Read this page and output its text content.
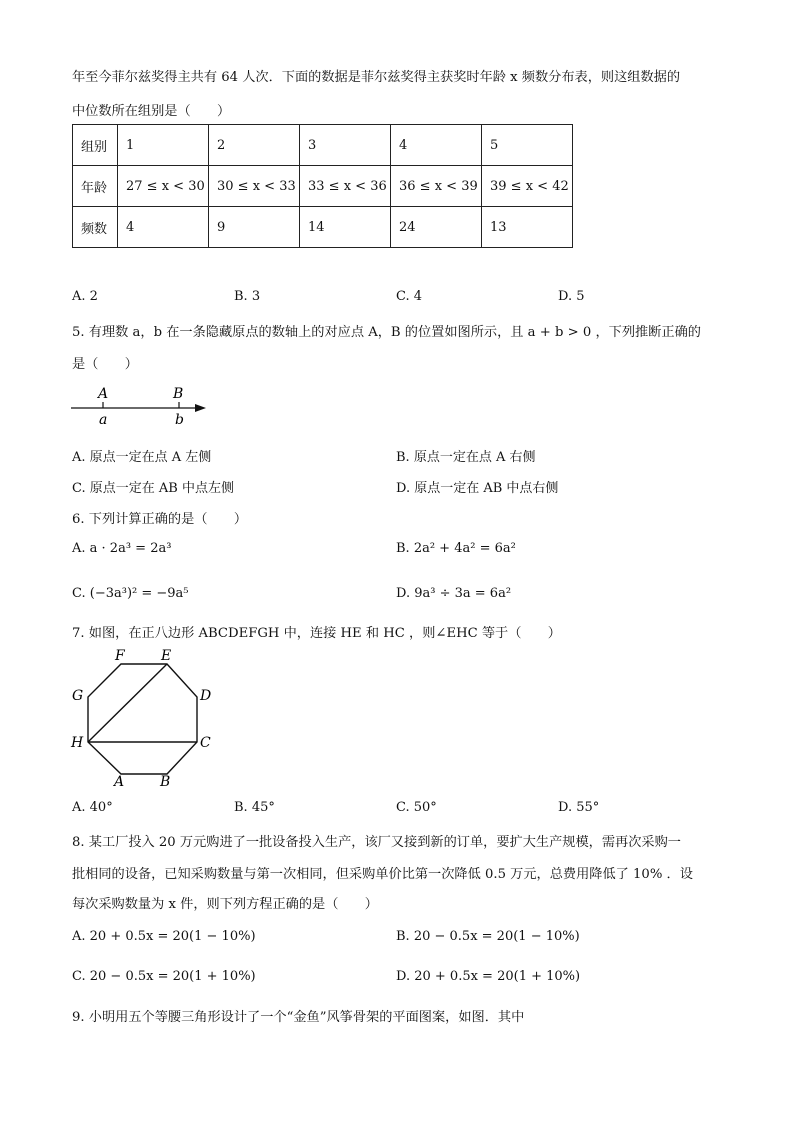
年至今菲尔兹奖得主共有 64 人次．下面的数据是菲尔兹奖得主获奖时年龄 x 频数分布表，则这组数据的
中位数所在组别是（　　）
组别	1	2	3	4	5
年龄	27 ≤ x < 30	30 ≤ x < 33	33 ≤ x < 36	36 ≤ x < 39	39 ≤ x < 42
频数	4	9	14	24	13
A. 2	B. 3	C. 4	D. 5
5. 有理数 a，b 在一条隐藏原点的数轴上的对应点 A，B 的位置如图所示，且 a + b > 0 ，下列推断正确的
是（　　）
A	B
a	b
A. 原点一定在点 A 左侧	B. 原点一定在点 A 右侧
C. 原点一定在 AB 中点左侧	D. 原点一定在 AB 中点右侧
6. 下列计算正确的是（　　）
A. a · 2a³ = 2a³	B. 2a² + 4a² = 6a²
C. (−3a³)² = −9a⁵	D. 9a³ ÷ 3a = 6a²
7. 如图，在正八边形 ABCDEFGH 中，连接 HE 和 HC ，则∠EHC 等于（　　）
A	B
C
D
E
F
G
H
A. 40°	B. 45°	C. 50°	D. 55°
8. 某工厂投入 20 万元购进了一批设备投入生产，该厂又接到新的订单，要扩大生产规模，需再次采购一
批相同的设备，已知采购数量与第一次相同，但采购单价比第一次降低 0.5 万元，总费用降低了 10% ．设
每次采购数量为 x 件，则下列方程正确的是（　　）
A. 20 + 0.5x = 20(1 − 10%)	B. 20 − 0.5x = 20(1 − 10%)
C. 20 − 0.5x = 20(1 + 10%)	D. 20 + 0.5x = 20(1 + 10%)
9. 小明用五个等腰三角形设计了一个“金鱼”风筝骨架的平面图案，如图．其中
